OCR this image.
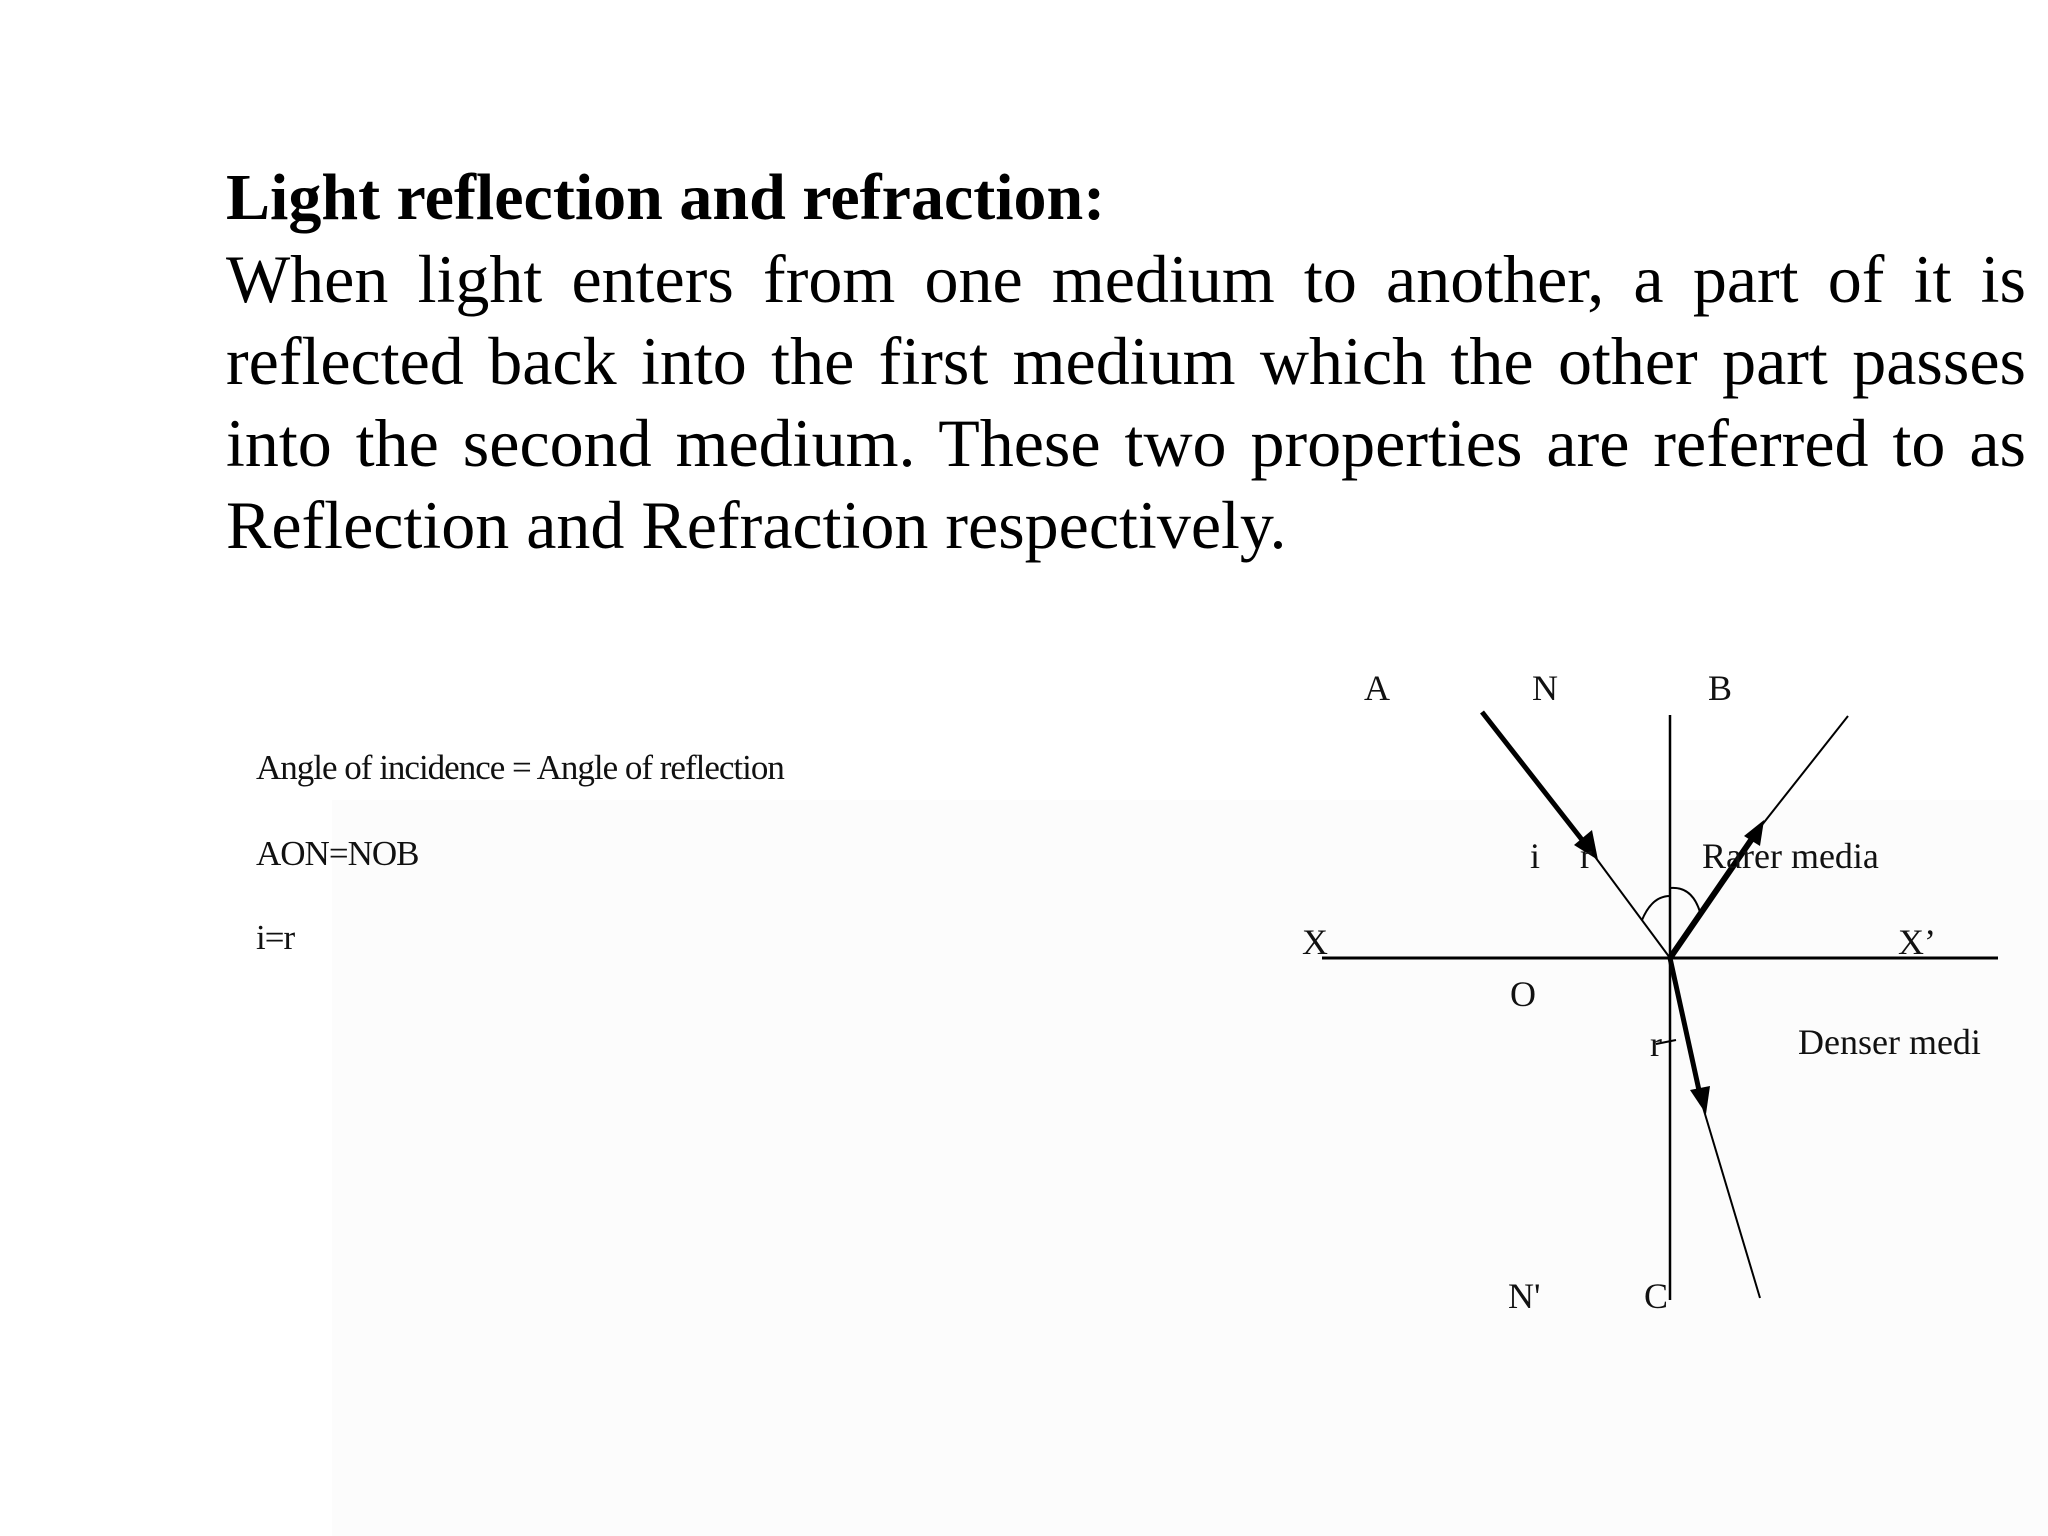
Light reflection and refraction:

When light enters from one medium to another, a part of it is reflected back into the first medium which the other part passes into the second medium. These two properties are referred to as Reflection and Refraction respectively.

Angle of incidence = Angle of reflection
AON=NOB
i=r
A	N	B
i r	Rarer media
X	X’
O
r	Denser medi
N'	C
